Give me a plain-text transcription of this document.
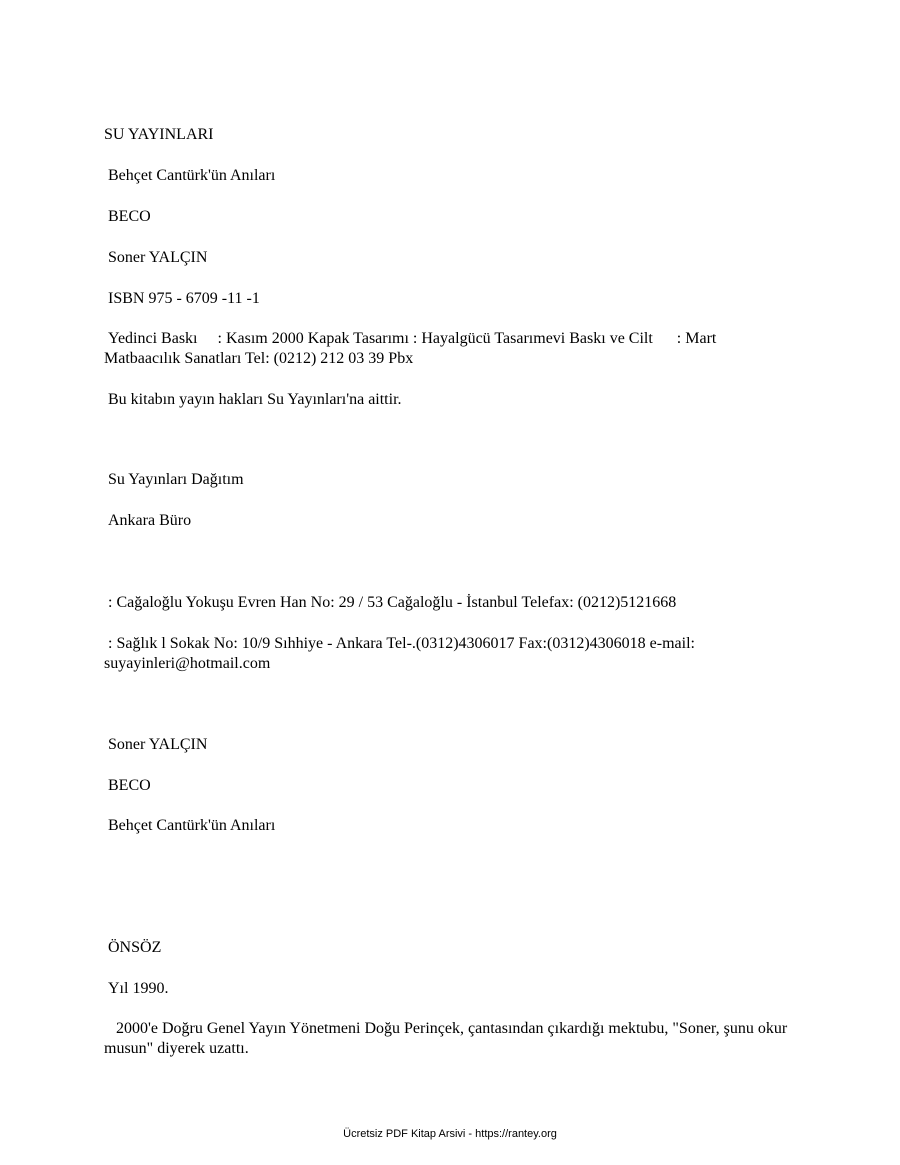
SU YAYINLARI

Behçet Cantürk'ün Anıları

BECO

Soner YALÇIN

ISBN 975 - 6709 -11 -1

Yedinci Baskı     : Kasım 2000 Kapak Tasarımı : Hayalgücü Tasarımevi Baskı ve Cilt      : Mart Matbaacılık Sanatları Tel: (0212) 212 03 39 Pbx

Bu kitabın yayın hakları Su Yayınları'na aittir.

Su Yayınları Dağıtım

Ankara Büro

: Cağaloğlu Yokuşu Evren Han No: 29 / 53 Cağaloğlu - İstanbul Telefax: (0212)5121668

: Sağlık l Sokak No: 10/9 Sıhhiye - Ankara Tel-.(0312)4306017 Fax:(0312)4306018 e-mail: suyayinleri@hotmail.com

Soner YALÇIN

BECO

Behçet Cantürk'ün Anıları

ÖNSÖZ

Yıl 1990.

2000'e Doğru Genel Yayın Yönetmeni Doğu Perinçek, çantasından çıkardığı mektubu, "Soner, şunu okur musun" diyerek uzattı.

Ücretsiz PDF Kitap Arsivi - https://rantey.org
